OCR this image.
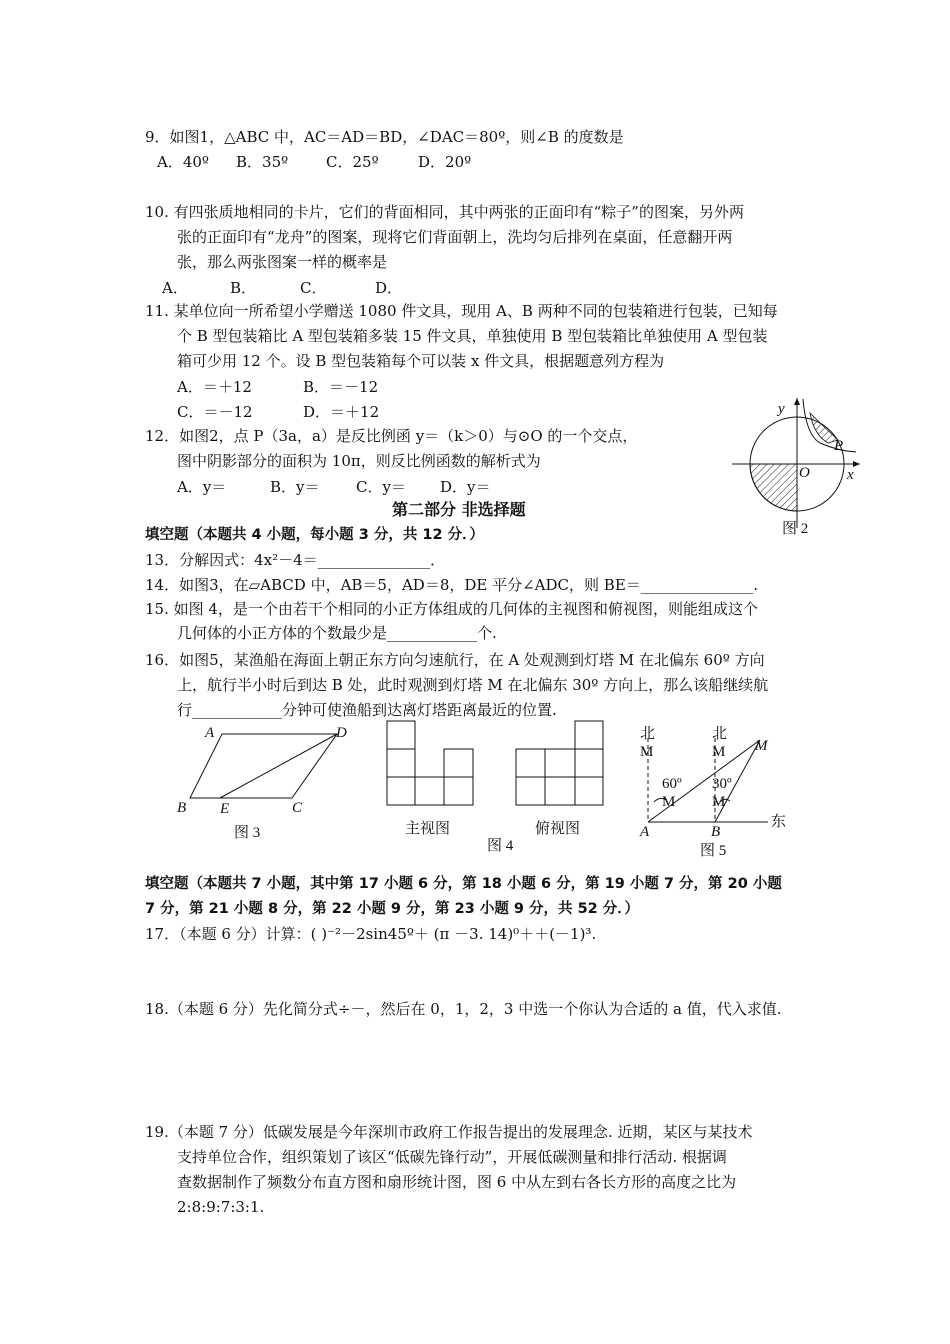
9．如图1，△ABC 中，AC＝AD＝BD，∠DAC＝80º，则∠B 的度数是
A．40º B．35º	C．25º	D．20º
10. 有四张质地相同的卡片，它们的背面相同，其中两张的正面印有“粽子”的图案，另外两
张的正面印有“龙舟”的图案，现将它们背面朝上，洗均匀后排列在桌面，任意翻开两
张，那么两张图案一样的概率是
A．	B．	C．	D．
11. 某单位向一所希望小学赠送 1080 件文具，现用 A、B 两种不同的包装箱进行包装，已知每
个 B 型包装箱比 A 型包装箱多装 15 件文具，单独使用 B 型包装箱比单独使用 A 型包装
箱可少用 12 个。设 B 型包装箱每个可以装 x 件文具，根据题意列方程为
A．＝＋12	B．＝－12
C．＝－12	D．＝＋12
12．如图2，点 P（3a，a）是反比例函 y＝（k＞0）与⊙O 的一个交点，
图中阴影部分的面积为 10π，则反比例函数的解析式为
A．y＝	B．y＝ C．y＝ D．y＝
y
x
O
P
图 2
第二部分 非选择题
填空题（本题共 4 小题，每小题 3 分，共 12 分．）
13．分解因式：4x²－4＝_______________．
14．如图3，在▱ABCD 中，AB＝5，AD＝8，DE 平分∠ADC，则 BE＝_______________.
15. 如图 4，是一个由若干个相同的小正方体组成的几何体的主视图和俯视图，则能组成这个
几何体的小正方体的个数最少是____________个.
16．如图5，某渔船在海面上朝正东方向匀速航行，在 A 处观测到灯塔 M 在北偏东 60º 方向
上，航行半小时后到达 B 处，此时观测到灯塔 M 在北偏东 30º 方向上，那么该船继续航
行____________分钟可使渔船到达离灯塔距离最近的位置.
A	D
B E	C
图 3	主视图	俯视图
图 4
北
M
北
M M
60º
M
30º
M
A	B
东
图 5
填空题（本题共 7 小题，其中第 17 小题 6 分，第 18 小题 6 分，第 19 小题 7 分，第 20 小题
7 分，第 21 小题 8 分，第 22 小题 9 分，第 23 小题 9 分，共 52 分．）
17．（本题 6 分）计算：( )⁻²－2sin45º＋ (π －3. 14)⁰＋＋(－1)³.
18.（本题 6 分）先化简分式÷－，然后在 0，1，2，3 中选一个你认为合适的 a 值，代入求值.
19.（本题 7 分）低碳发展是今年深圳市政府工作报告提出的发展理念. 近期，某区与某技术
支持单位合作，组织策划了该区“低碳先锋行动”，开展低碳测量和排行活动. 根据调
查数据制作了频数分布直方图和扇形统计图，图 6 中从左到右各长方形的高度之比为
2:8:9:7:3:1.
